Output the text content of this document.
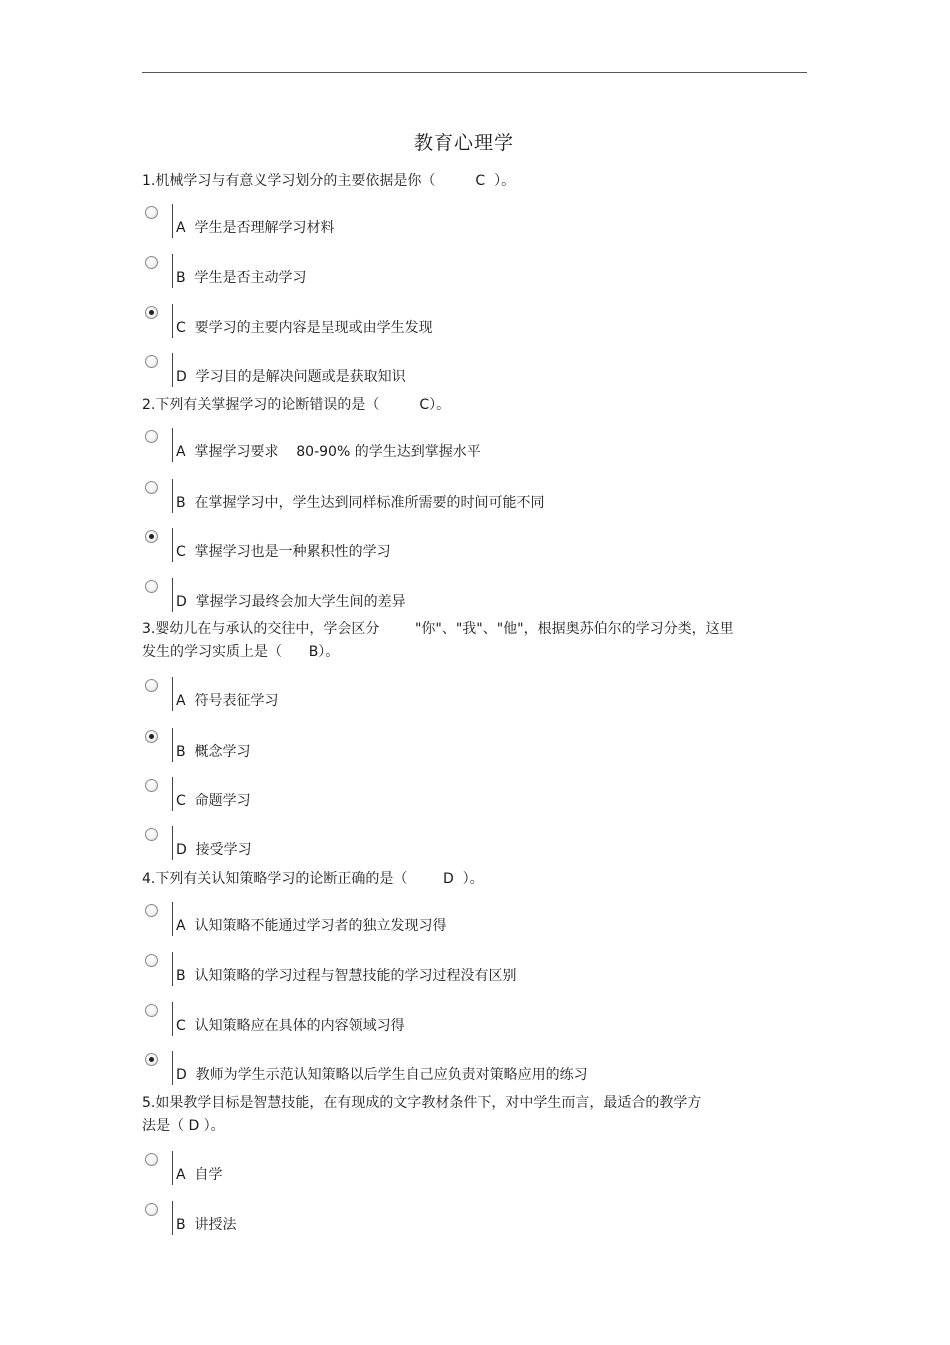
教育心理学
1.机械学习与有意义学习划分的主要依据是你（         C  ）。
A  学生是否理解学习材料
B  学生是否主动学习
C  要学习的主要内容是呈现或由学生发现
D  学习目的是解决问题或是获取知识
2.下列有关掌握学习的论断错误的是（         C）。
A  掌握学习要求    80-90% 的学生达到掌握水平
B  在掌握学习中，学生达到同样标准所需要的时间可能不同
C  掌握学习也是一种累积性的学习
D  掌握学习最终会加大学生间的差异
3.婴幼儿在与承认的交往中，学会区分        "你"、"我"、"他"，根据奥苏伯尔的学习分类，这里
发生的学习实质上是（      B）。
A  符号表征学习
B  概念学习
C  命题学习
D  接受学习
4.下列有关认知策略学习的论断正确的是（        D  ）。
A  认知策略不能通过学习者的独立发现习得
B  认知策略的学习过程与智慧技能的学习过程没有区别
C  认知策略应在具体的内容领域习得
D  教师为学生示范认知策略以后学生自己应负责对策略应用的练习
5.如果教学目标是智慧技能，在有现成的文字教材条件下，对中学生而言，最适合的教学方
法是（ D ）。
A  自学
B  讲授法
